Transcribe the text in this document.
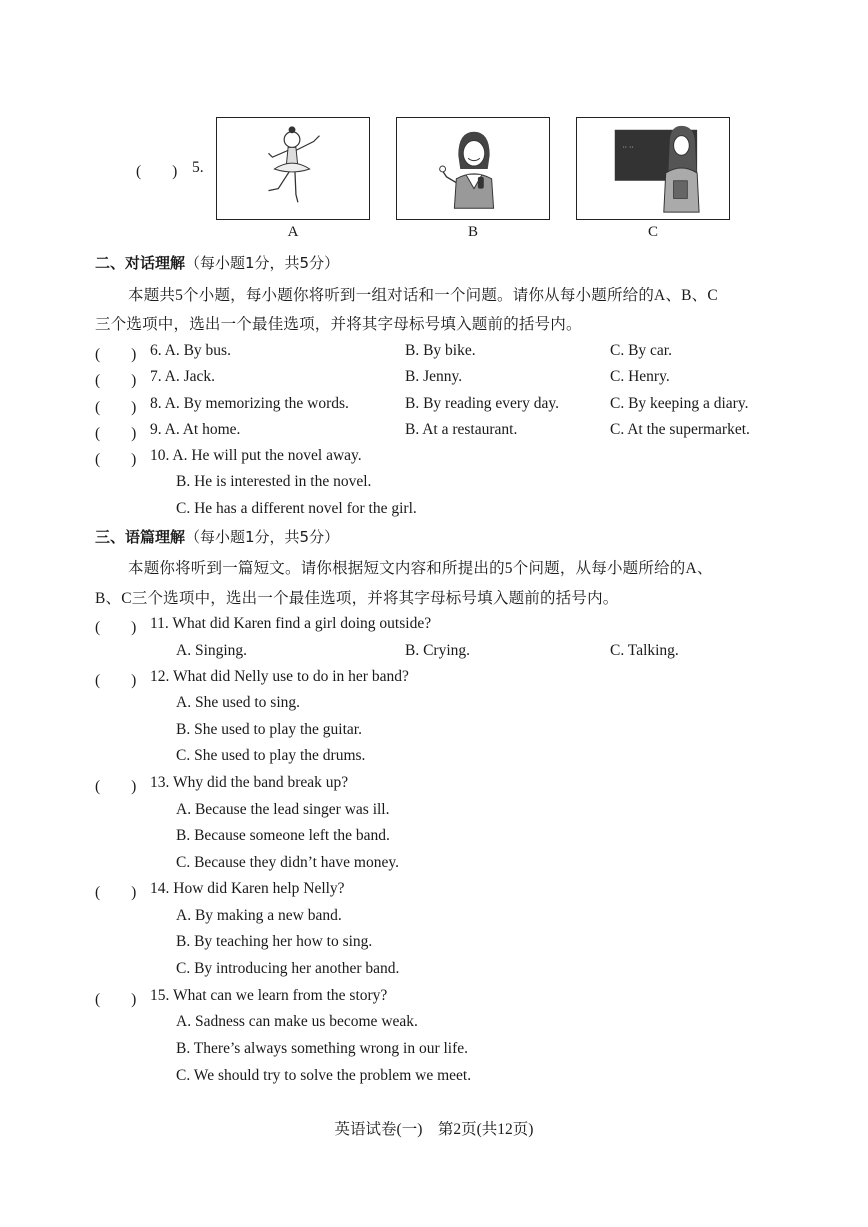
(　　) 5.
·· ··
A	B	C
二、对话理解（每小题1分，共5分）
本题共5个小题，每小题你将听到一组对话和一个问题。请你从每小题所给的A、B、C
三个选项中，选出一个最佳选项，并将其字母标号填入题前的括号内。
(　　) 6. A. By bus.	B. By bike.	C. By car.
(　　) 7. A. Jack.	B. Jenny.	C. Henry.
(　　) 8. A. By memorizing the words.	B. By reading every day.	C. By keeping a diary.
(　　) 9. A. At home.	B. At a restaurant.	C. At the supermarket.
(　　) 10. A. He will put the novel away.
B. He is interested in the novel.
C. He has a different novel for the girl.
三、语篇理解（每小题1分，共5分）
本题你将听到一篇短文。请你根据短文内容和所提出的5个问题，从每小题所给的A、
B、C三个选项中，选出一个最佳选项，并将其字母标号填入题前的括号内。
(　　) 11. What did Karen find a girl doing outside?
A. Singing.	B. Crying.	C. Talking.
(　　) 12. What did Nelly use to do in her band?
A. She used to sing.
B. She used to play the guitar.
C. She used to play the drums.
(　　) 13. Why did the band break up?
A. Because the lead singer was ill.
B. Because someone left the band.
C. Because they didn’t have money.
(　　) 14. How did Karen help Nelly?
A. By making a new band.
B. By teaching her how to sing.
C. By introducing her another band.
(　　) 15. What can we learn from the story?
A. Sadness can make us become weak.
B. There’s always something wrong in our life.
C. We should try to solve the problem we meet.
英语试卷(一)　第2页(共12页)
